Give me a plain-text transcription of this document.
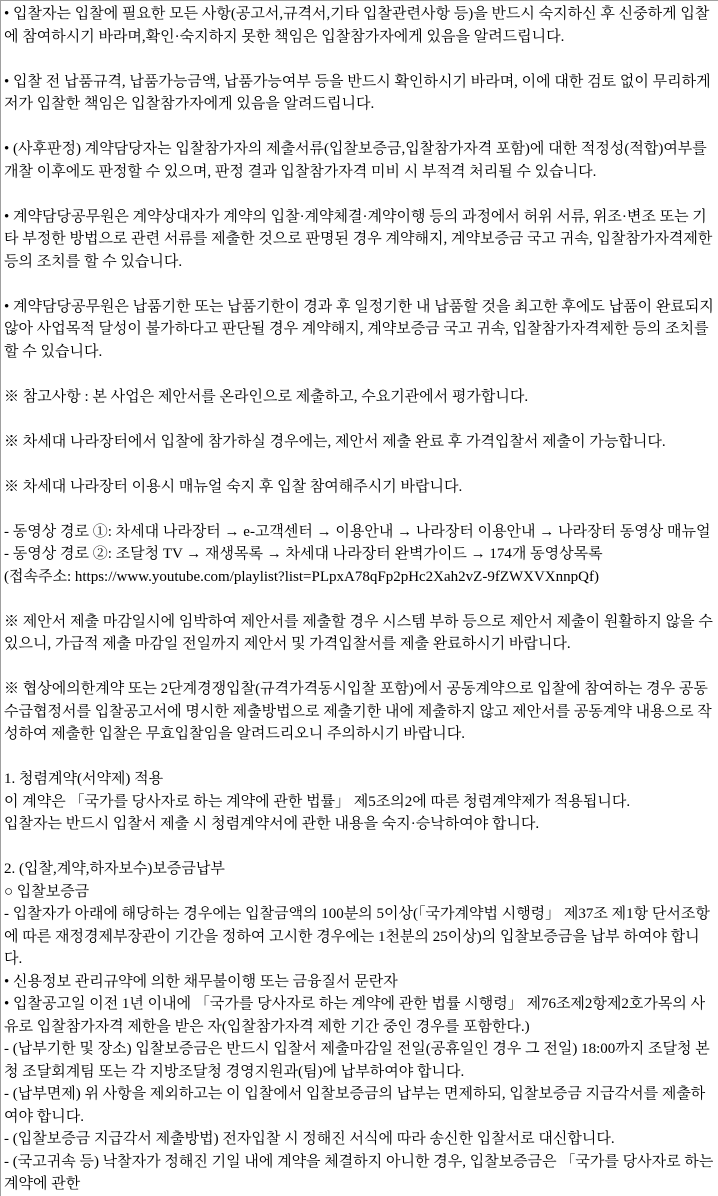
• 입찰자는 입찰에 필요한 모든 사항(공고서,규격서,기타 입찰관련사항 등)을 반드시 숙지하신 후 신중하게 입찰에 참여하시기 바라며,확인·숙지하지 못한 책임은 입찰참가자에게 있음을 알려드립니다.
• 입찰 전 납품규격, 납품가능금액, 납품가능여부 등을 반드시 확인하시기 바라며, 이에 대한 검토 없이 무리하게 저가 입찰한 책임은 입찰참가자에게 있음을 알려드립니다.
• (사후판정) 계약담당자는 입찰참가자의 제출서류(입찰보증금,입찰참가자격 포함)에 대한 적정성(적합)여부를 개찰 이후에도 판정할 수 있으며, 판정 결과 입찰참가자격 미비 시 부적격 처리될 수 있습니다.
• 계약담당공무원은 계약상대자가 계약의 입찰·계약체결·계약이행 등의 과정에서 허위 서류, 위조·변조 또는 기타 부정한 방법으로 관련 서류를 제출한 것으로 판명된 경우 계약해지, 계약보증금 국고 귀속, 입찰참가자격제한 등의 조치를 할 수 있습니다.
• 계약담당공무원은 납품기한 또는 납품기한이 경과 후 일정기한 내 납품할 것을 최고한 후에도 납품이 완료되지 않아 사업목적 달성이 불가하다고 판단될 경우 계약해지, 계약보증금 국고 귀속, 입찰참가자격제한 등의 조치를 할 수 있습니다.
※ 참고사항 : 본 사업은 제안서를 온라인으로 제출하고, 수요기관에서 평가합니다.
※ 차세대 나라장터에서 입찰에 참가하실 경우에는, 제안서 제출 완료 후 가격입찰서 제출이 가능합니다.
※ 차세대 나라장터 이용시 매뉴얼 숙지 후 입찰 참여해주시기 바랍니다.
- 동영상 경로 ①: 차세대 나라장터 → e-고객센터 → 이용안내 → 나라장터 이용안내 → 나라장터 동영상 매뉴얼
- 동영상 경로 ②: 조달청 TV → 재생목록 → 차세대 나라장터 완벽가이드 → 174개 동영상목록
(접속주소: https://www.youtube.com/playlist?list=PLpxA78qFp2pHc2Xah2vZ-9fZWXVXnnpQf)
※ 제안서 제출 마감일시에 임박하여 제안서를 제출할 경우 시스템 부하 등으로 제안서 제출이 원활하지 않을 수 있으니, 가급적 제출 마감일 전일까지 제안서 및 가격입찰서를 제출 완료하시기 바랍니다.
※ 협상에의한계약 또는 2단계경쟁입찰(규격가격동시입찰 포함)에서 공동계약으로 입찰에 참여하는 경우 공동수급협정서를 입찰공고서에 명시한 제출방법으로 제출기한 내에 제출하지 않고 제안서를 공동계약 내용으로 작성하여 제출한 입찰은 무효입찰임을 알려드리오니 주의하시기 바랍니다.
1. 청렴계약(서약제) 적용
이 계약은 「국가를 당사자로 하는 계약에 관한 법률」 제5조의2에 따른 청렴계약제가 적용됩니다.
입찰자는 반드시 입찰서 제출 시 청렴계약서에 관한 내용을 숙지·승낙하여야 합니다.
2. (입찰,계약,하자보수)보증금납부
○ 입찰보증금
- 입찰자가 아래에 해당하는 경우에는 입찰금액의 100분의 5이상(「국가계약법 시행령」 제37조 제1항 단서조항에 따른 재정경제부장관이 기간을 정하여 고시한 경우에는 1천분의 25이상)의 입찰보증금을 납부 하여야 합니다.
• 신용정보 관리규약에 의한 채무불이행 또는 금융질서 문란자
• 입찰공고일 이전 1년 이내에 「국가를 당사자로 하는 계약에 관한 법률 시행령」 제76조제2항제2호가목의 사유로 입찰참가자격 제한을 받은 자(입찰참가자격 제한 기간 중인 경우를 포함한다.)
- (납부기한 및 장소) 입찰보증금은 반드시 입찰서 제출마감일 전일(공휴일인 경우 그 전일) 18:00까지 조달청 본청 조달회계팀 또는 각 지방조달청 경영지원과(팀)에 납부하여야 합니다.
- (납부면제) 위 사항을 제외하고는 이 입찰에서 입찰보증금의 납부는 면제하되, 입찰보증금 지급각서를 제출하여야 합니다.
- (입찰보증금 지급각서 제출방법) 전자입찰 시 정해진 서식에 따라 송신한 입찰서로 대신합니다.
- (국고귀속 등) 낙찰자가 정해진 기일 내에 계약을 체결하지 아니한 경우, 입찰보증금은 「국가를 당사자로 하는 계약에 관한
